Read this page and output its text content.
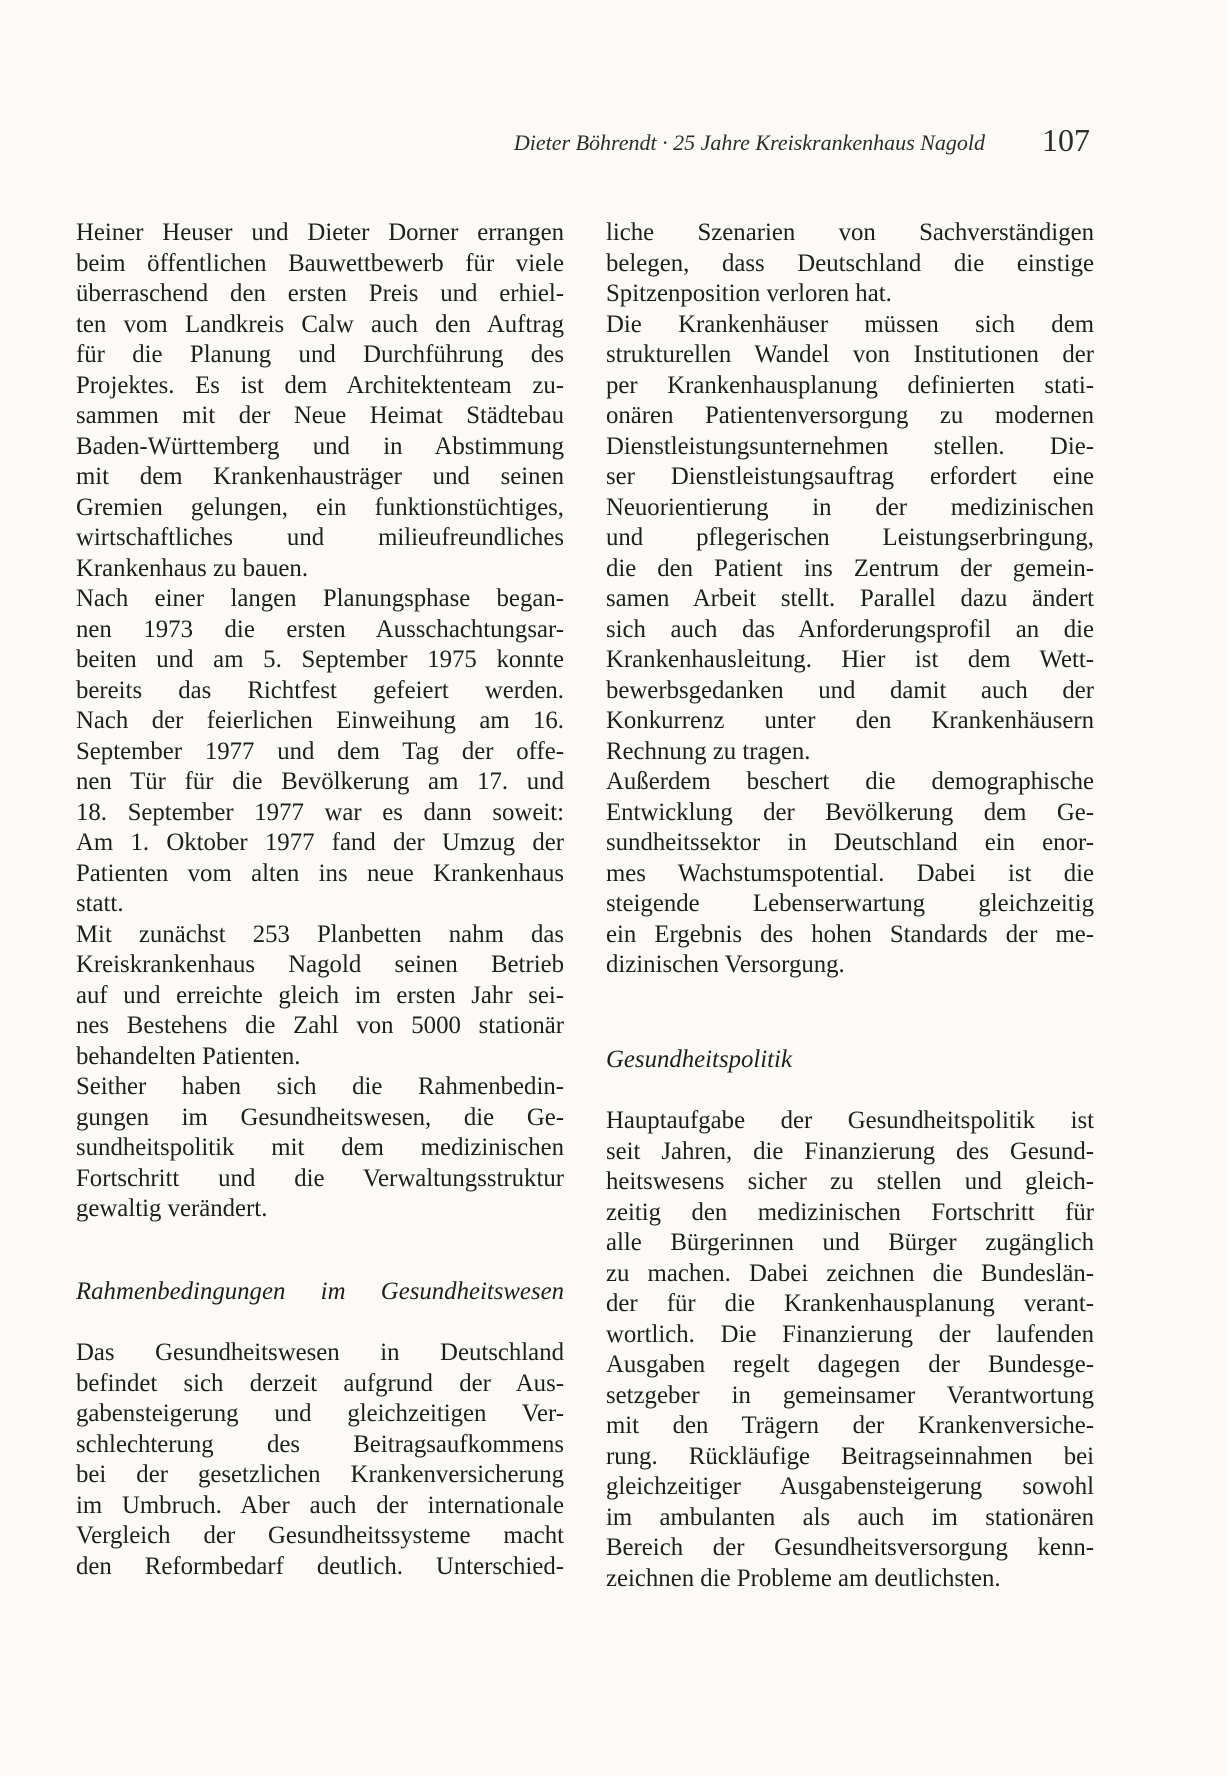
Dieter Böhrendt · 25 Jahre Kreiskrankenhaus Nagold 107
Heiner Heuser und Dieter Dorner errangen
beim öffentlichen Bauwettbewerb für viele
überraschend den ersten Preis und erhiel-
ten vom Landkreis Calw auch den Auftrag
für die Planung und Durchführung des
Projektes. Es ist dem Architektenteam zu-
sammen mit der Neue Heimat Städtebau
Baden-Württemberg und in Abstimmung
mit dem Krankenhausträger und seinen
Gremien gelungen, ein funktionstüchtiges,
wirtschaftliches und milieufreundliches
Krankenhaus zu bauen.
Nach einer langen Planungsphase began-
nen 1973 die ersten Ausschachtungsar-
beiten und am 5. September 1975 konnte
bereits das Richtfest gefeiert werden.
Nach der feierlichen Einweihung am 16.
September 1977 und dem Tag der offe-
nen Tür für die Bevölkerung am 17. und
18. September 1977 war es dann soweit:
Am 1. Oktober 1977 fand der Umzug der
Patienten vom alten ins neue Krankenhaus
statt.
Mit zunächst 253 Planbetten nahm das
Kreiskrankenhaus Nagold seinen Betrieb
auf und erreichte gleich im ersten Jahr sei-
nes Bestehens die Zahl von 5000 stationär
behandelten Patienten.
Seither haben sich die Rahmenbedin-
gungen im Gesundheitswesen, die Ge-
sundheitspolitik mit dem medizinischen
Fortschritt und die Verwaltungsstruktur
gewaltig verändert.

Rahmenbedingungen im Gesundheitswesen

Das Gesundheitswesen in Deutschland
befindet sich derzeit aufgrund der Aus-
gabensteigerung und gleichzeitigen Ver-
schlechterung des Beitragsaufkommens
bei der gesetzlichen Krankenversicherung
im Umbruch. Aber auch der internationale
Vergleich der Gesundheitssysteme macht
den Reformbedarf deutlich. Unterschied-
liche Szenarien von Sachverständigen
belegen, dass Deutschland die einstige
Spitzenposition verloren hat.
Die Krankenhäuser müssen sich dem
strukturellen Wandel von Institutionen der
per Krankenhausplanung definierten stati-
onären Patientenversorgung zu modernen
Dienstleistungsunternehmen stellen. Die-
ser Dienstleistungsauftrag erfordert eine
Neuorientierung in der medizinischen
und pflegerischen Leistungserbringung,
die den Patient ins Zentrum der gemein-
samen Arbeit stellt. Parallel dazu ändert
sich auch das Anforderungsprofil an die
Krankenhausleitung. Hier ist dem Wett-
bewerbsgedanken und damit auch der
Konkurrenz unter den Krankenhäusern
Rechnung zu tragen.
Außerdem beschert die demographische
Entwicklung der Bevölkerung dem Ge-
sundheitssektor in Deutschland ein enor-
mes Wachstumspotential. Dabei ist die
steigende Lebenserwartung gleichzeitig
ein Ergebnis des hohen Standards der me-
dizinischen Versorgung.

Gesundheitspolitik

Hauptaufgabe der Gesundheitspolitik ist
seit Jahren, die Finanzierung des Gesund-
heitswesens sicher zu stellen und gleich-
zeitig den medizinischen Fortschritt für
alle Bürgerinnen und Bürger zugänglich
zu machen. Dabei zeichnen die Bundeslän-
der für die Krankenhausplanung verant-
wortlich. Die Finanzierung der laufenden
Ausgaben regelt dagegen der Bundesge-
setzgeber in gemeinsamer Verantwortung
mit den Trägern der Krankenversiche-
rung. Rückläufige Beitragseinnahmen bei
gleichzeitiger Ausgabensteigerung sowohl
im ambulanten als auch im stationären
Bereich der Gesundheitsversorgung kenn-
zeichnen die Probleme am deutlichsten.
